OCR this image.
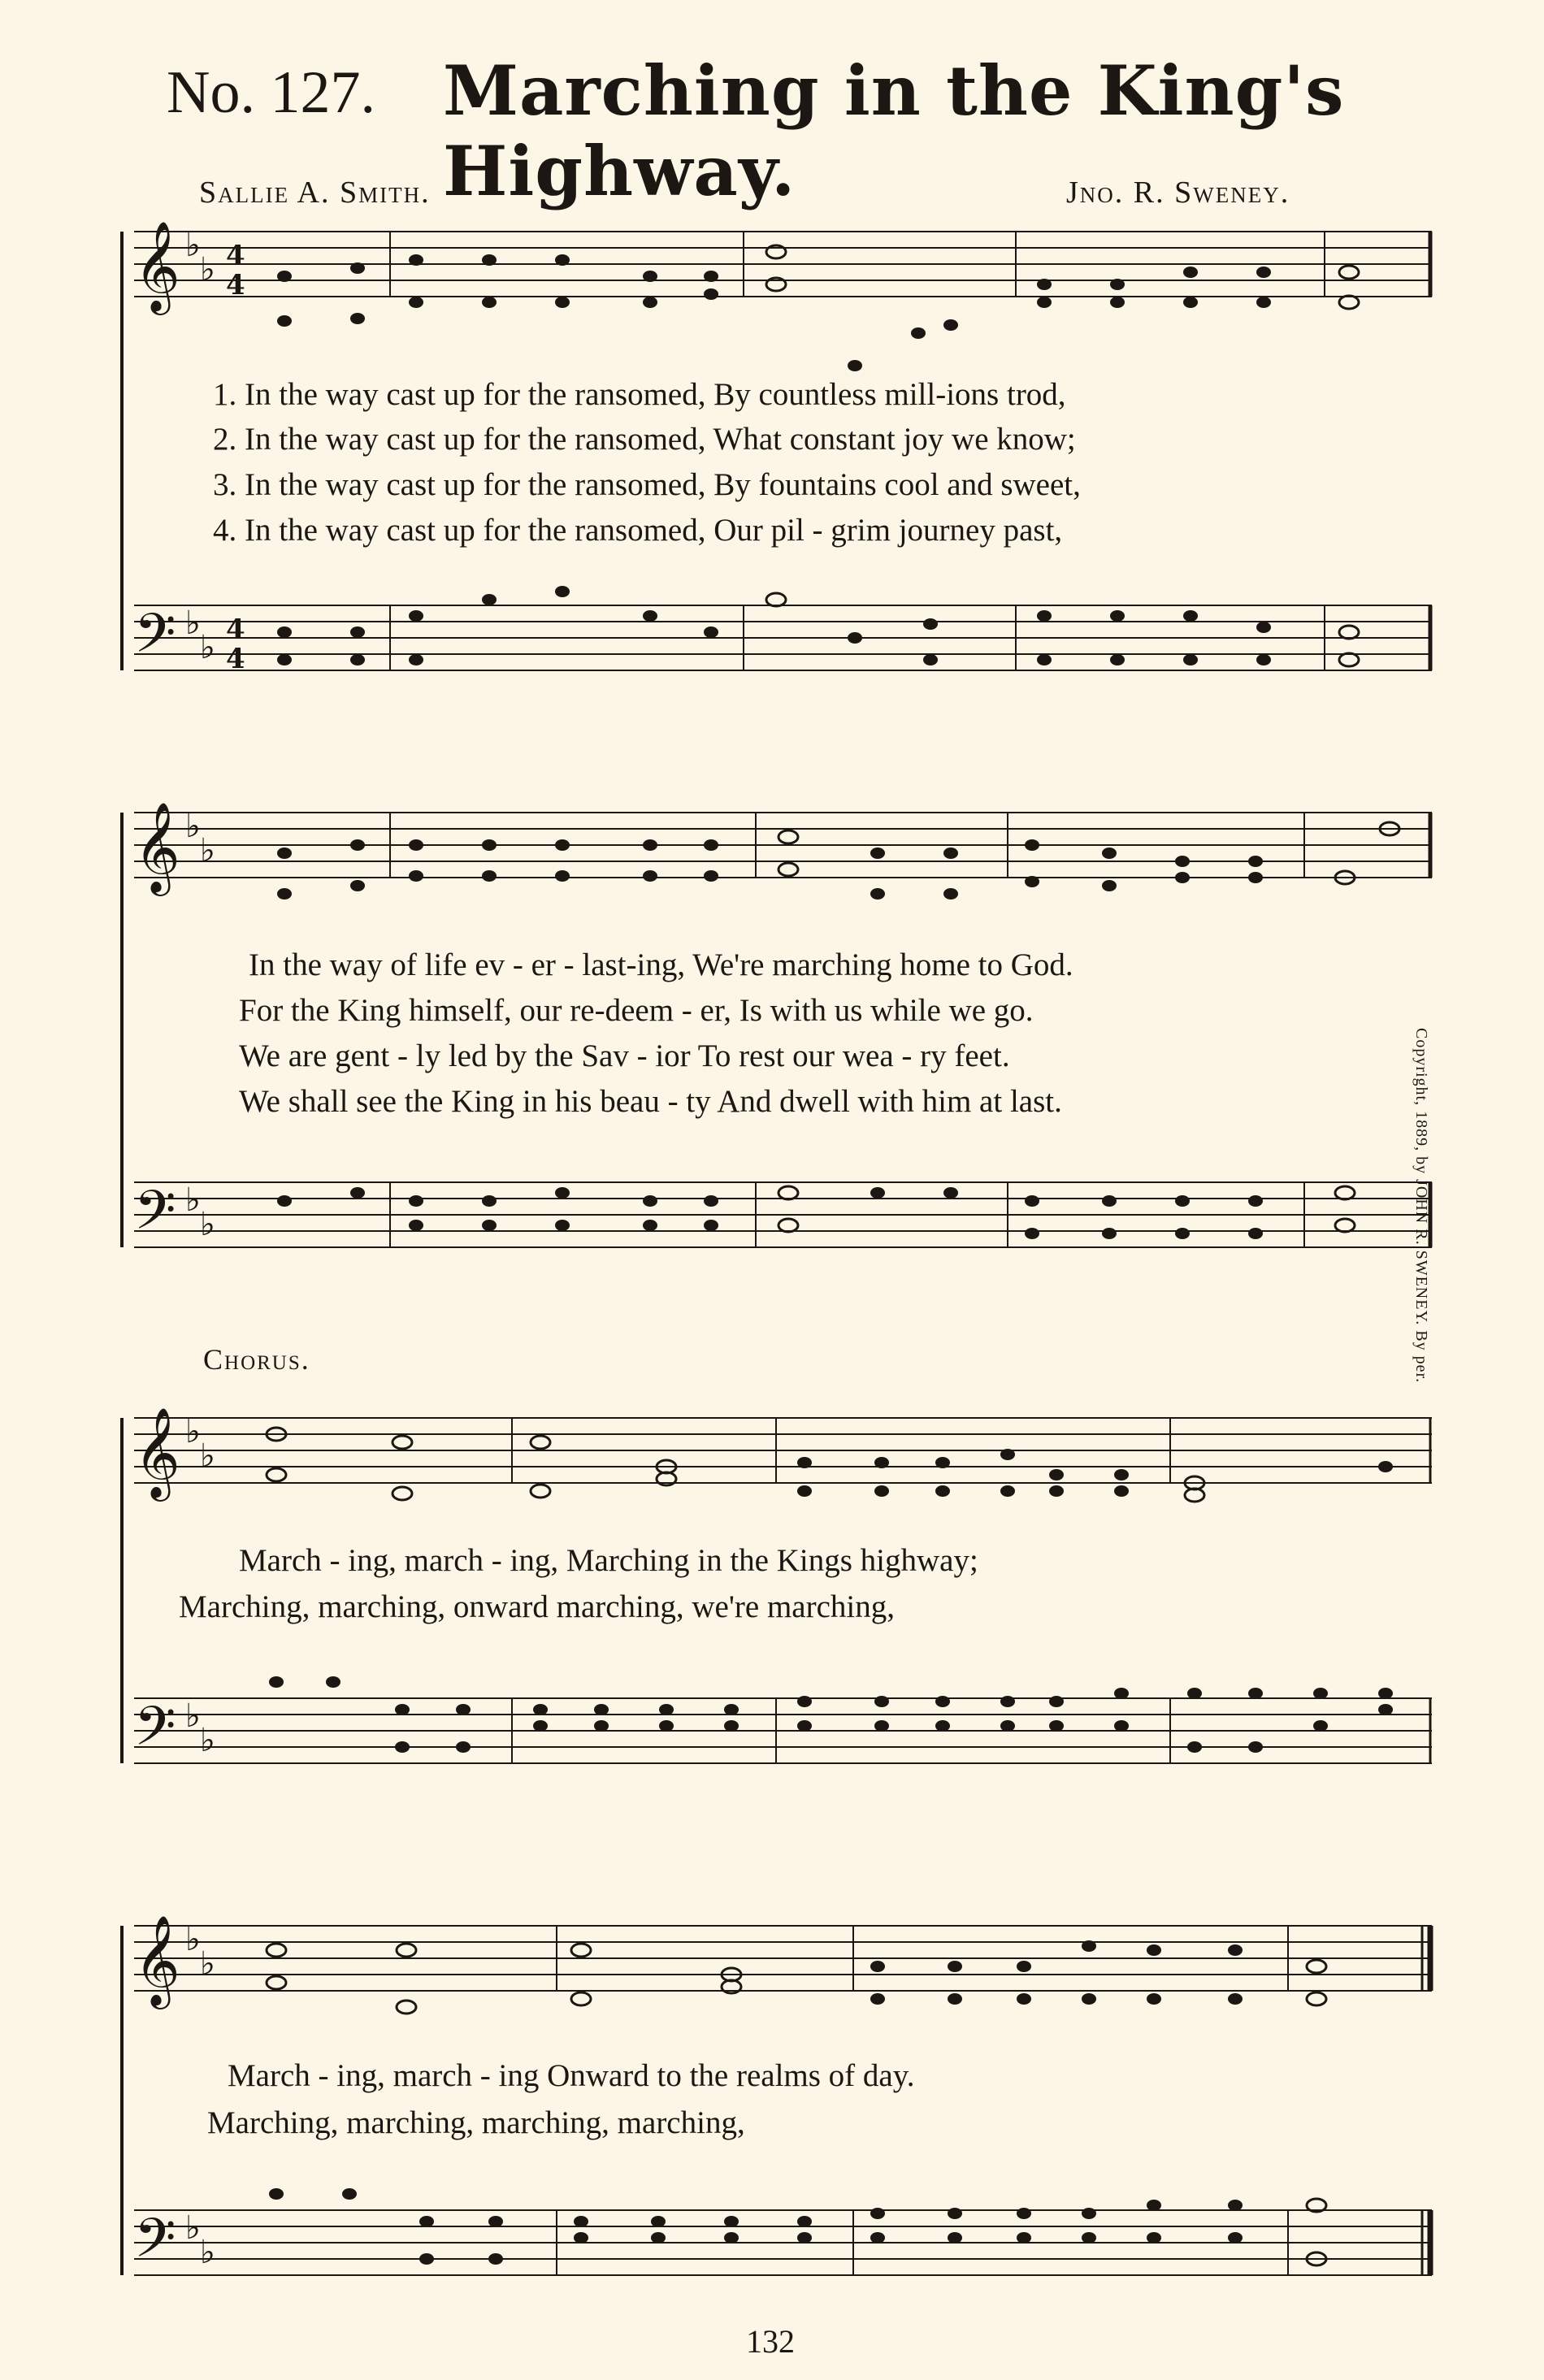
No. 127. Marching in the King's Highway.
Sallie A. Smith.	Jno. R. Sweney.
𝄞
𝄢
𝄞
𝄢
𝄞
𝄢
𝄞
𝄢
♭
♭
♭
♭
♭
♭
♭
♭
♭
♭
♭
♭
♭
♭
♭
♭
4
4
4
4
1. In the way cast up for the ransomed, By countless mill-ions trod,
2. In the way cast up for the ransomed, What constant joy we know;
3. In the way cast up for the ransomed, By fountains cool and sweet,
4. In the way cast up for the ransomed, Our pil - grim journey past,
In the way of life ev - er - last-ing, We're marching home to God.
For the King himself, our re-deem - er, Is with us while we go.
We are gent - ly led by the Sav - ior To rest our wea - ry feet.
We shall see the King in his beau - ty And dwell with him at last.
Chorus.
March - ing, march - ing, Marching in the Kings highway;
Marching, marching, onward marching, we're marching,
March - ing, march - ing Onward to the realms of day.
Marching, marching, marching, marching,
Copyright, 1889, by JOHN R. SWENEY. By per.
132
